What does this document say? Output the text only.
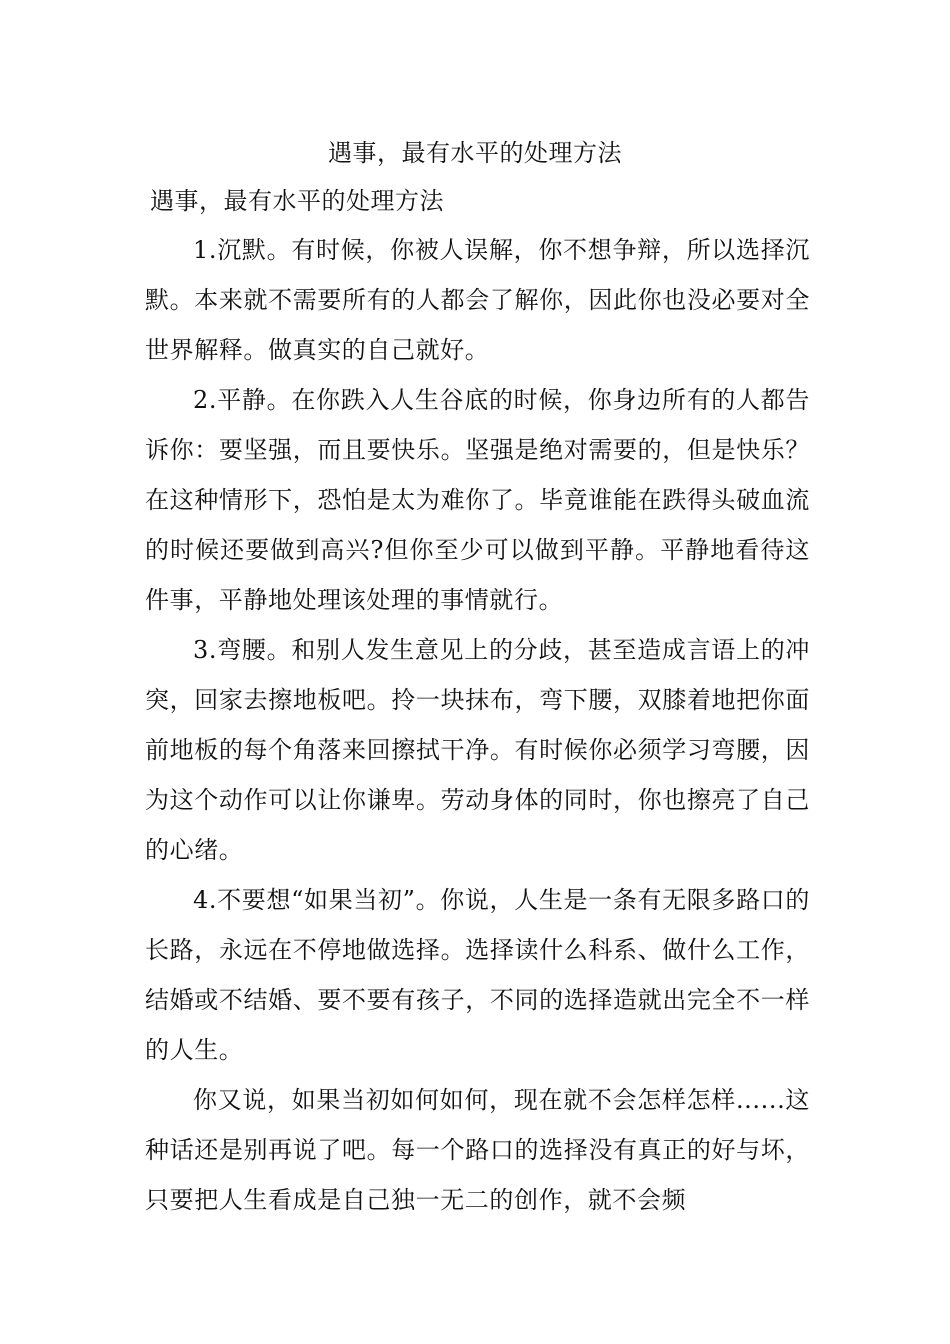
遇事，最有水平的处理方法
遇事，最有水平的处理方法

1.沉默。有时候，你被人误解，你不想争辩，所以选择沉默。本来就不需要所有的人都会了解你，因此你也没必要对全世界解释。做真实的自己就好。

2.平静。在你跌入人生谷底的时候，你身边所有的人都告诉你：要坚强，而且要快乐。坚强是绝对需要的，但是快乐？在这种情形下，恐怕是太为难你了。毕竟谁能在跌得头破血流的时候还要做到高兴?但你至少可以做到平静。平静地看待这件事，平静地处理该处理的事情就行。

3.弯腰。和别人发生意见上的分歧，甚至造成言语上的冲突，回家去擦地板吧。拎一块抹布，弯下腰，双膝着地把你面前地板的每个角落来回擦拭干净。有时候你必须学习弯腰，因为这个动作可以让你谦卑。劳动身体的同时，你也擦亮了自己的心绪。

4.不要想“如果当初”。你说，人生是一条有无限多路口的长路，永远在不停地做选择。选择读什么科系、做什么工作，结婚或不结婚、要不要有孩子，不同的选择造就出完全不一样的人生。

你又说，如果当初如何如何，现在就不会怎样怎样......这种话还是别再说了吧。每一个路口的选择没有真正的好与坏，只要把人生看成是自己独一无二的创作，就不会频
